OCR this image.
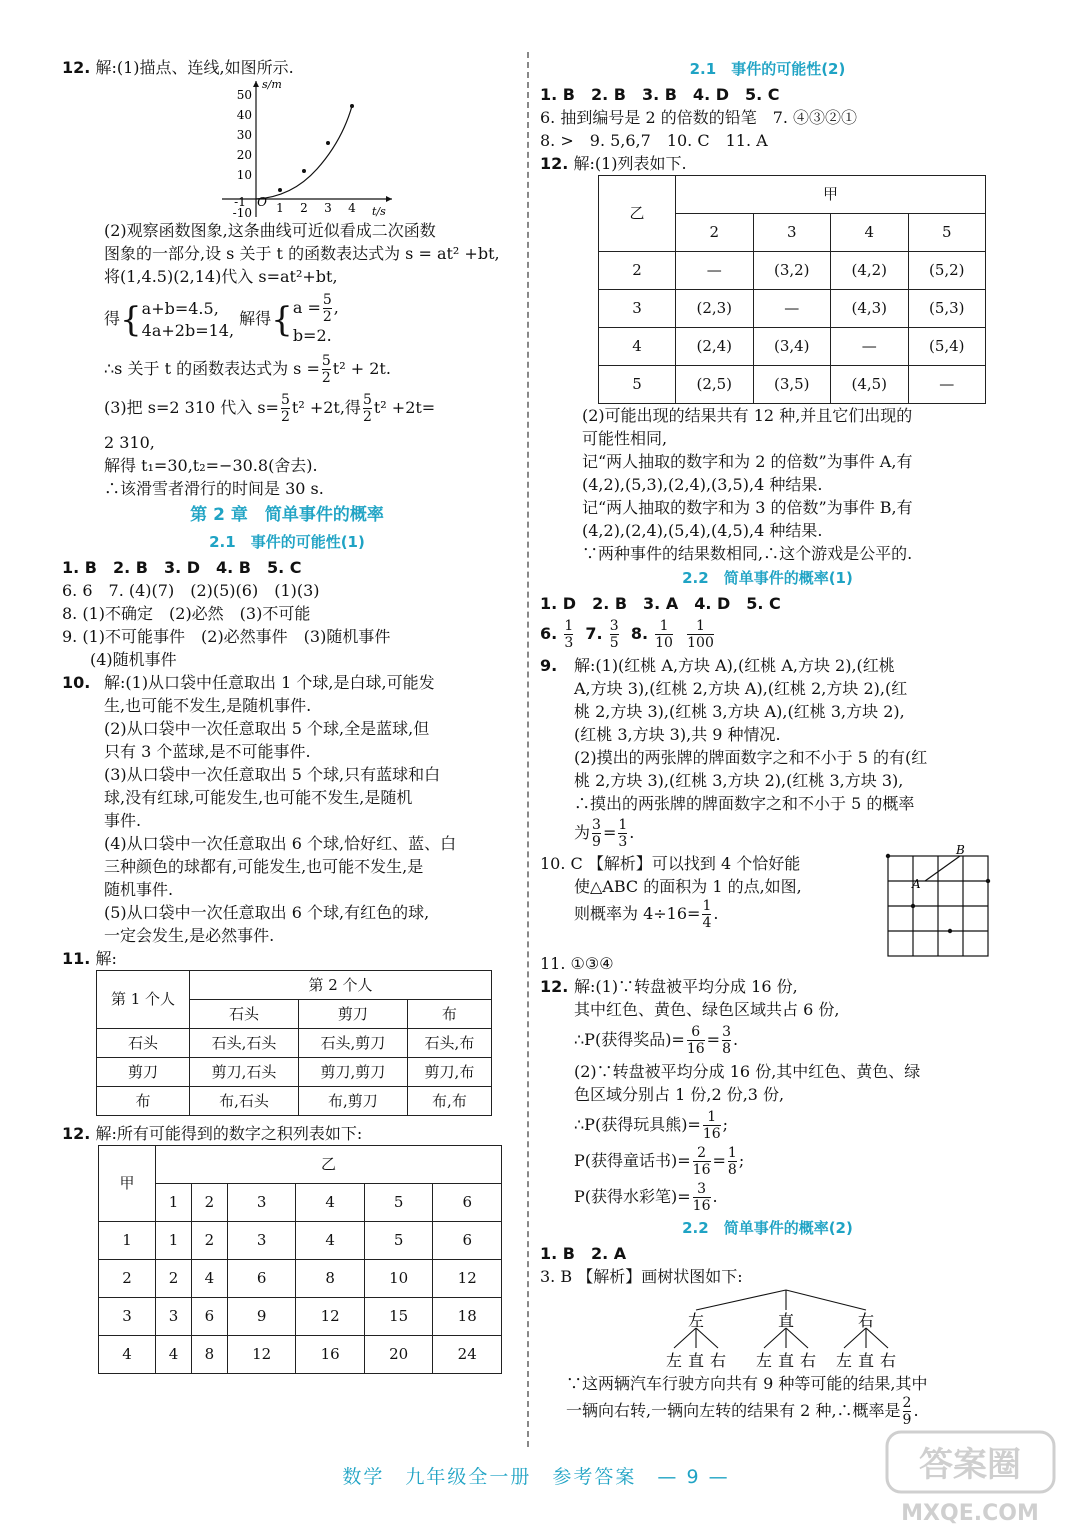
12. 解:(1)描点、连线,如图所示.

s/m
t/s
50
40
30
20
10
-10
-1 O 1 2 3 4

(2)观察函数图象,这条曲线可近似看成二次函数

图象的一部分,设 s 关于 t 的函数表达式为 s = at² +bt,

将(1,4.5)(2,14)代入 s=at²+bt,

得{a+b=4.5,
4a+2b=14, 解得{$a = \frac{5}{2}$ ,
b=2.

∴s 关于 t 的函数表达式为 $s = \frac{5}{2} t^2 + 2t$.

(3)把 s=2 310 代入 $s= \frac{5}{2} t^2 +2t$,得 $\frac{5}{2} t^2 +2t=$

2 310,

解得 t₁=30,t₂=−30.8(舍去).

∴该滑雪者滑行的时间是 30 s.

第 2 章　简单事件的概率
2.1　事件的可能性(1)

1. B　2. B　3. D　4. B　5. C

6. 6　7. (4)(7)　(2)(5)(6)　(1)(3)

8. (1)不确定　(2)必然　(3)不可能

9. (1)不可能事件　(2)必然事件　(3)随机事件

(4)随机事件

10. 解:(1)从口袋中任意取出 1 个球,是白球,可能发

生,也可能不发生,是随机事件.

(2)从口袋中一次任意取出 5 个球,全是蓝球,但

只有 3 个蓝球,是不可能事件.

(3)从口袋中一次任意取出 5 个球,只有蓝球和白

球,没有红球,可能发生,也可能不发生,是随机

事件.

(4)从口袋中一次任意取出 6 个球,恰好红、蓝、白

三种颜色的球都有,可能发生,也可能不发生,是

随机事件.

(5)从口袋中一次任意取出 6 个球,有红色的球,

一定会发生,是必然事件.

11. 解:

第 1 个人	第 2 个人		
	石头	剪刀	布
石头	石头,石头	石头,剪刀	石头,布
剪刀	剪刀,石头	剪刀,剪刀	剪刀,布
布	布,石头	布,剪刀	布,布

12. 解:所有可能得到的数字之积列表如下:

甲	乙					
	1	2	3	4	5	6
1	1	2	3	4	5	6
2	2	4	6	8	10	12
3	3	6	9	12	15	18
4	4	8	12	16	20	24
2.1　事件的可能性(2)

1. B　2. B　3. B　4. D　5. C

6. 抽到编号是 2 的倍数的铅笔　7. ④③②①

8. >　9. 5,6,7　10. C　11. A

12. 解:(1)列表如下.

乙	甲			
	2	3	4	5
2	—	(3,2)	(4,2)	(5,2)
3	(2,3)	—	(4,3)	(5,3)
4	(2,4)	(3,4)	—	(5,4)
5	(2,5)	(3,5)	(4,5)	—

(2)可能出现的结果共有 12 种,并且它们出现的

可能性相同,

记“两人抽取的数字和为 2 的倍数”为事件 A,有

(4,2),(5,3),(2,4),(3,5),4 种结果.

记“两人抽取的数字和为 3 的倍数”为事件 B,有

(4,2),(2,4),(5,4),(4,5),4 种结果.

∵两种事件的结果数相同,∴这个游戏是公平的.

2.2　简单事件的概率(1)

1. D　2. B　3. A　4. D　5. C

6. $\frac{1}{3} 7$. $\frac{3}{5} 8$. $\frac{1}{10}$
$\frac{1}{100}$

9. 解:(1)(红桃 A,方块 A),(红桃 A,方块 2),(红桃

A,方块 3),(红桃 2,方块 A),(红桃 2,方块 2),(红

桃 2,方块 3),(红桃 3,方块 A),(红桃 3,方块 2),

(红桃 3,方块 3),共 9 种情况.

(2)摸出的两张牌的牌面数字之和不小于 5 的有(红

桃 2,方块 3),(红桃 3,方块 2),(红桃 3,方块 3),

∴摸出的两张牌的牌面数字之和不小于 5 的概率

为 $\frac{3}{9} = \frac{1}{3}$ .

10. C 【解析】可以找到 4 个恰好能

使△ABC 的面积为 1 的点,如图,

则概率为 $4\div 16= \frac{1}{4}$ .

A
B

11. ①③④

12. 解:(1)∵转盘被平均分成 16 份,

其中红色、黄色、绿色区域共占 6 份,

∴P(获得奖品)= $\frac{6}{16} = \frac{3}{8}$ .

(2)∵转盘被平均分成 16 份,其中红色、黄色、绿

色区域分别占 1 份,2 份,3 份,

∴P(获得玩具熊)= $\frac{1}{16}$ ;

P(获得童话书)= $\frac{2}{16} = \frac{1}{8}$ ;

P(获得水彩笔)= $\frac{3}{16}$ .

2.2　简单事件的概率(2)

1. B　2. A

3. B 【解析】画树状图如下:

左	直	右
左 直 右 左 直 右 左 直 右

∵这两辆汽车行驶方向共有 9 种等可能的结果,其中

一辆向右转,一辆向左转的结果有 2 种,∴概率是 $\frac{2}{9}$ .

数学　九年级全一册　参考答案　— 9 —	答案圈
MXQE.COM
